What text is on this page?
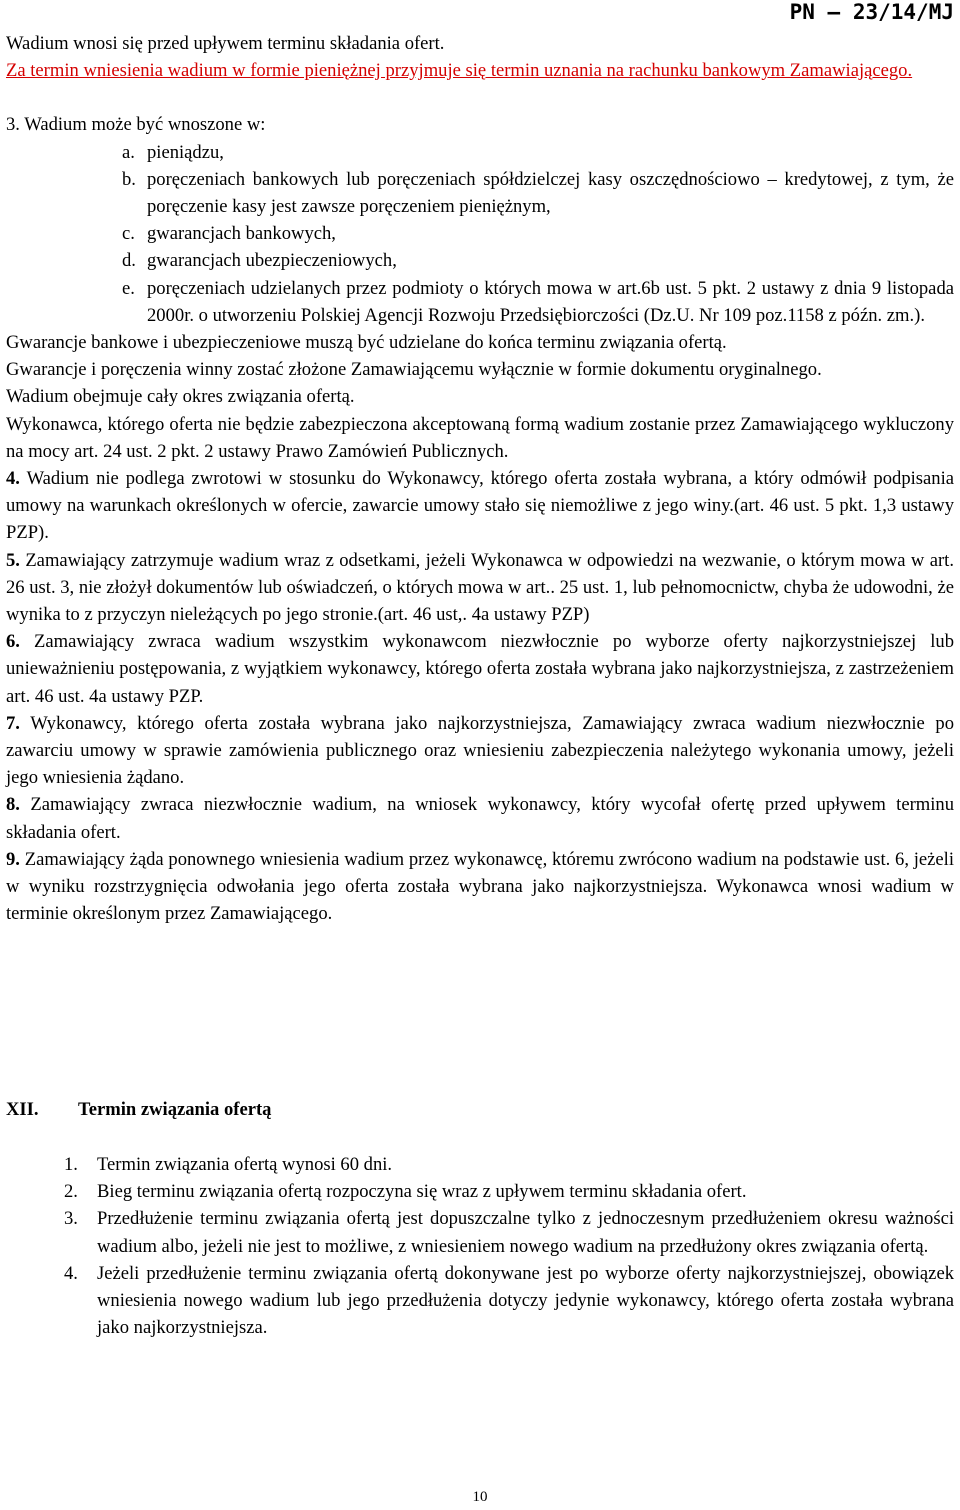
PN – 23/14/MJ

Wadium wnosi się przed upływem terminu składania ofert.

Za termin wniesienia wadium w formie pieniężnej przyjmuje się termin uznania na rachunku bankowym Zamawiającego.

3. Wadium może być wnoszone w:

a. pieniądzu,
b. poręczeniach bankowych lub poręczeniach spółdzielczej kasy oszczędnościowo – kredytowej, z tym, że poręczenie kasy jest zawsze poręczeniem pieniężnym,
c. gwarancjach bankowych,
d. gwarancjach ubezpieczeniowych,
e. poręczeniach udzielanych przez podmioty o których mowa w art.6b ust. 5 pkt. 2 ustawy z dnia 9 listopada 2000r. o utworzeniu Polskiej Agencji Rozwoju Przedsiębiorczości (Dz.U. Nr 109 poz.1158 z późn. zm.).

Gwarancje bankowe i ubezpieczeniowe muszą być udzielane do końca terminu związania ofertą.

Gwarancje i poręczenia winny zostać złożone Zamawiającemu wyłącznie w formie dokumentu oryginalnego.

Wadium obejmuje cały okres związania ofertą.

Wykonawca, którego oferta nie będzie zabezpieczona akceptowaną formą wadium zostanie przez Zamawiającego wykluczony na mocy art. 24 ust. 2 pkt. 2 ustawy Prawo Zamówień Publicznych.

4. Wadium nie podlega zwrotowi w stosunku do Wykonawcy, którego oferta została wybrana, a który odmówił podpisania umowy na warunkach określonych w ofercie, zawarcie umowy stało się niemożliwe z jego winy.(art. 46 ust. 5 pkt. 1,3 ustawy PZP).

5. Zamawiający zatrzymuje wadium wraz z odsetkami, jeżeli Wykonawca w odpowiedzi na wezwanie, o którym mowa w art. 26 ust. 3, nie złożył dokumentów lub oświadczeń, o których mowa w art.. 25 ust. 1, lub pełnomocnictw, chyba że udowodni, że wynika to z przyczyn nieleżących po jego stronie.(art. 46 ust,. 4a ustawy PZP)

6. Zamawiający zwraca wadium wszystkim wykonawcom niezwłocznie po wyborze oferty najkorzystniejszej lub unieważnieniu postępowania, z wyjątkiem wykonawcy, którego oferta została wybrana jako najkorzystniejsza, z zastrzeżeniem art. 46 ust. 4a ustawy PZP.

7. Wykonawcy, którego oferta została wybrana jako najkorzystniejsza, Zamawiający zwraca wadium niezwłocznie po zawarciu umowy w sprawie zamówienia publicznego oraz wniesieniu zabezpieczenia należytego wykonania umowy, jeżeli jego wniesienia żądano.

8. Zamawiający zwraca niezwłocznie wadium, na wniosek wykonawcy, który wycofał ofertę przed upływem terminu składania ofert.

9. Zamawiający żąda ponownego wniesienia wadium przez wykonawcę, któremu zwrócono wadium na podstawie ust. 6, jeżeli w wyniku rozstrzygnięcia odwołania jego oferta została wybrana jako najkorzystniejsza. Wykonawca wnosi wadium w terminie określonym przez Zamawiającego.

XII. Termin związania ofertą
1. Termin związania ofertą wynosi 60 dni.
2. Bieg terminu związania ofertą rozpoczyna się wraz z upływem terminu składania ofert.
3. Przedłużenie terminu związania ofertą jest dopuszczalne tylko z jednoczesnym przedłużeniem okresu ważności wadium albo, jeżeli nie jest to możliwe, z wniesieniem nowego wadium na przedłużony okres związania ofertą.
4. Jeżeli przedłużenie terminu związania ofertą dokonywane jest po wyborze oferty najkorzystniejszej, obowiązek wniesienia nowego wadium lub jego przedłużenia dotyczy jedynie wykonawcy, którego oferta została wybrana jako najkorzystniejsza.
10
